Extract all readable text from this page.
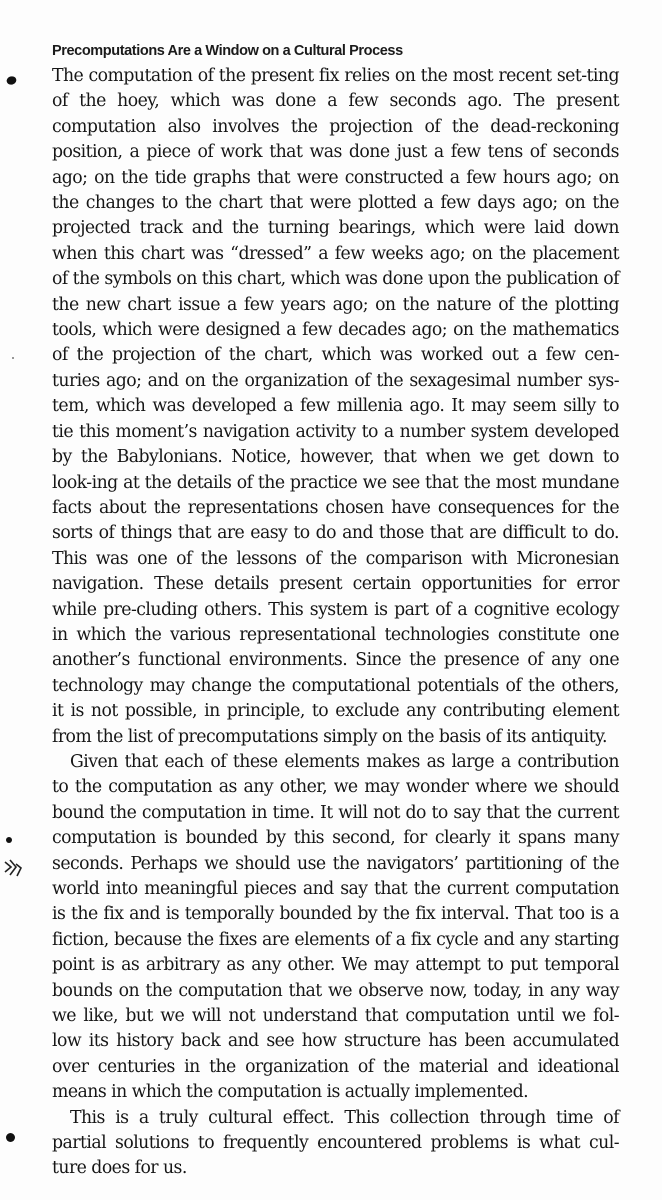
Precomputations Are a Window on a Cultural Process

The computation of the present fix relies on the most recent set-ting of the hoey, which was done a few seconds ago. The present computation also involves the projection of the dead-reckoning position, a piece of work that was done just a few tens of seconds ago; on the tide graphs that were constructed a few hours ago; on the changes to the chart that were plotted a few days ago; on the projected track and the turning bearings, which were laid down when this chart was “dressed” a few weeks ago; on the placement of the symbols on this chart, which was done upon the publication of the new chart issue a few years ago; on the nature of the plotting tools, which were designed a few decades ago; on the mathematics of the projection of the chart, which was worked out a few cen-turies ago; and on the organization of the sexagesimal number sys-tem, which was developed a few millenia ago. It may seem silly to tie this moment’s navigation activity to a number system developed by the Babylonians. Notice, however, that when we get down to look-ing at the details of the practice we see that the most mundane facts about the representations chosen have consequences for the sorts of things that are easy to do and those that are difficult to do. This was one of the lessons of the comparison with Micronesian navigation. These details present certain opportunities for error while pre-cluding others. This system is part of a cognitive ecology in which the various representational technologies constitute one another’s functional environments. Since the presence of any one technology may change the computational potentials of the others, it is not possible, in principle, to exclude any contributing element from the list of precomputations simply on the basis of its antiquity.

Given that each of these elements makes as large a contribution to the computation as any other, we may wonder where we should bound the computation in time. It will not do to say that the current computation is bounded by this second, for clearly it spans many seconds. Perhaps we should use the navigators’ partitioning of the world into meaningful pieces and say that the current computation is the fix and is temporally bounded by the fix interval. That too is a fiction, because the fixes are elements of a fix cycle and any starting point is as arbitrary as any other. We may attempt to put temporal bounds on the computation that we observe now, today, in any way we like, but we will not understand that computation until we fol-low its history back and see how structure has been accumulated over centuries in the organization of the material and ideational means in which the computation is actually implemented.

This is a truly cultural effect. This collection through time of partial solutions to frequently encountered problems is what cul-ture does for us.
